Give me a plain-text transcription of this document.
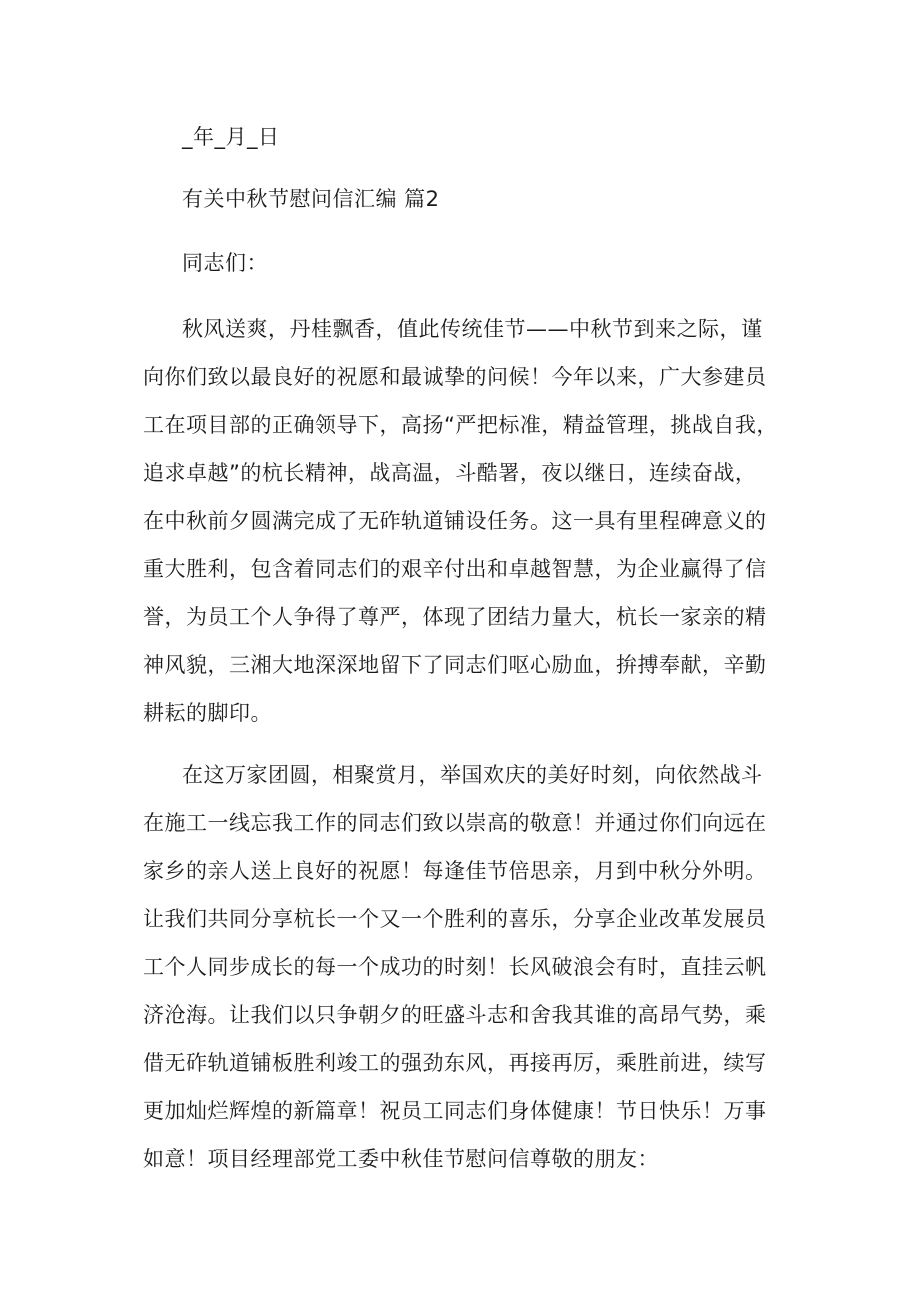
_年_月_日

有关中秋节慰问信汇编 篇2

同志们：

秋风送爽，丹桂飘香，值此传统佳节——中秋节到来之际，谨

向你们致以最良好的祝愿和最诚挚的问候！今年以来，广大参建员

工在项目部的正确领导下，高扬“严把标准，精益管理，挑战自我，

追求卓越”的杭长精神，战高温，斗酷署，夜以继日，连续奋战，

在中秋前夕圆满完成了无砟轨道铺设任务。这一具有里程碑意义的

重大胜利，包含着同志们的艰辛付出和卓越智慧，为企业赢得了信

誉，为员工个人争得了尊严，体现了团结力量大，杭长一家亲的精

神风貌，三湘大地深深地留下了同志们呕心励血，拚搏奉献，辛勤

耕耘的脚印。

在这万家团圆，相聚赏月，举国欢庆的美好时刻，向依然战斗

在施工一线忘我工作的同志们致以崇高的敬意！并通过你们向远在

家乡的亲人送上良好的祝愿！每逢佳节倍思亲，月到中秋分外明。

让我们共同分享杭长一个又一个胜利的喜乐，分享企业改革发展员

工个人同步成长的每一个成功的时刻！长风破浪会有时，直挂云帆

济沧海。让我们以只争朝夕的旺盛斗志和舍我其谁的高昂气势，乘

借无砟轨道铺板胜利竣工的强劲东风，再接再厉，乘胜前进，续写

更加灿烂辉煌的新篇章！祝员工同志们身体健康！节日快乐！万事

如意！项目经理部党工委中秋佳节慰问信尊敬的朋友：
